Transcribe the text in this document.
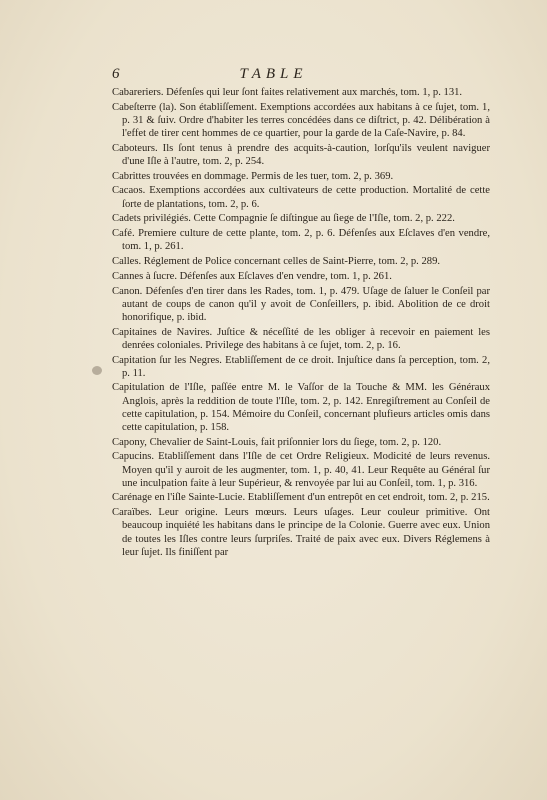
6	TABLE

Cabareriers. Défenſes qui leur ſont faites relativement aux marchés, tom. 1, p. 131.

Cabeſterre (la). Son établiſſement. Exemptions accordées aux habitans à ce ſujet, tom. 1, p. 31 & ſuiv. Ordre d'habiter les terres concédées dans ce diſtrict, p. 42. Délibération à l'effet de tirer cent hommes de ce quartier, pour la garde de la Caſe-Navire, p. 84.

Caboteurs. Ils ſont tenus à prendre des acquits-à-caution, lorſqu'ils veulent naviguer d'une Iſle à l'autre, tom. 2, p. 254.

Cabrittes trouvées en dommage. Permis de les tuer, tom. 2, p. 369.

Cacaos. Exemptions accordées aux cultivateurs de cette production. Mortalité de cette ſorte de plantations, tom. 2, p. 6.

Cadets privilégiés. Cette Compagnie ſe diſtingue au ſiege de l'Iſle, tom. 2, p. 222.

Café. Premiere culture de cette plante, tom. 2, p. 6. Défenſes aux Eſclaves d'en vendre, tom. 1, p. 261.

Calles. Réglement de Police concernant celles de Saint-Pierre, tom. 2, p. 289.

Cannes à ſucre. Défenſes aux Eſclaves d'en vendre, tom. 1, p. 261.

Canon. Défenſes d'en tirer dans les Rades, tom. 1, p. 479. Uſage de ſaluer le Conſeil par autant de coups de canon qu'il y avoit de Conſeillers, p. ibid. Abolition de ce droit honorifique, p. ibid.

Capitaines de Navires. Juſtice & néceſſité de les obliger à recevoir en paiement les denrées coloniales. Privilege des habitans à ce ſujet, tom. 2, p. 16.

Capitation ſur les Negres. Etabliſſement de ce droit. Injuſtice dans ſa perception, tom. 2, p. 11.

Capitulation de l'Iſle, paſſée entre M. le Vaſſor de la Touche & MM. les Généraux Anglois, après la reddition de toute l'Iſle, tom. 2, p. 142. Enregiſtrement au Conſeil de cette capitulation, p. 154. Mémoire du Conſeil, concernant plufieurs articles omis dans cette capitulation, p. 158.

Capony, Chevalier de Saint-Louis, fait priſonnier lors du ſiege, tom. 2, p. 120.

Capucins. Etabliſſement dans l'Iſle de cet Ordre Religieux. Modicité de leurs revenus. Moyen qu'il y auroit de les augmenter, tom. 1, p. 40, 41. Leur Requête au Général ſur une inculpation faite à leur Supérieur, & renvoyée par lui au Conſeil, tom. 1, p. 316.

Carénage en l'iſle Sainte-Lucie. Etabliſſement d'un entrepôt en cet endroit, tom. 2, p. 215.

Caraïbes. Leur origine. Leurs mœurs. Leurs uſages. Leur couleur primitive. Ont beaucoup inquiété les habitans dans le principe de la Colonie. Guerre avec eux. Union de toutes les Iſles contre leurs ſurpriſes. Traité de paix avec eux. Divers Réglemens à leur ſujet. Ils finiſſent par
